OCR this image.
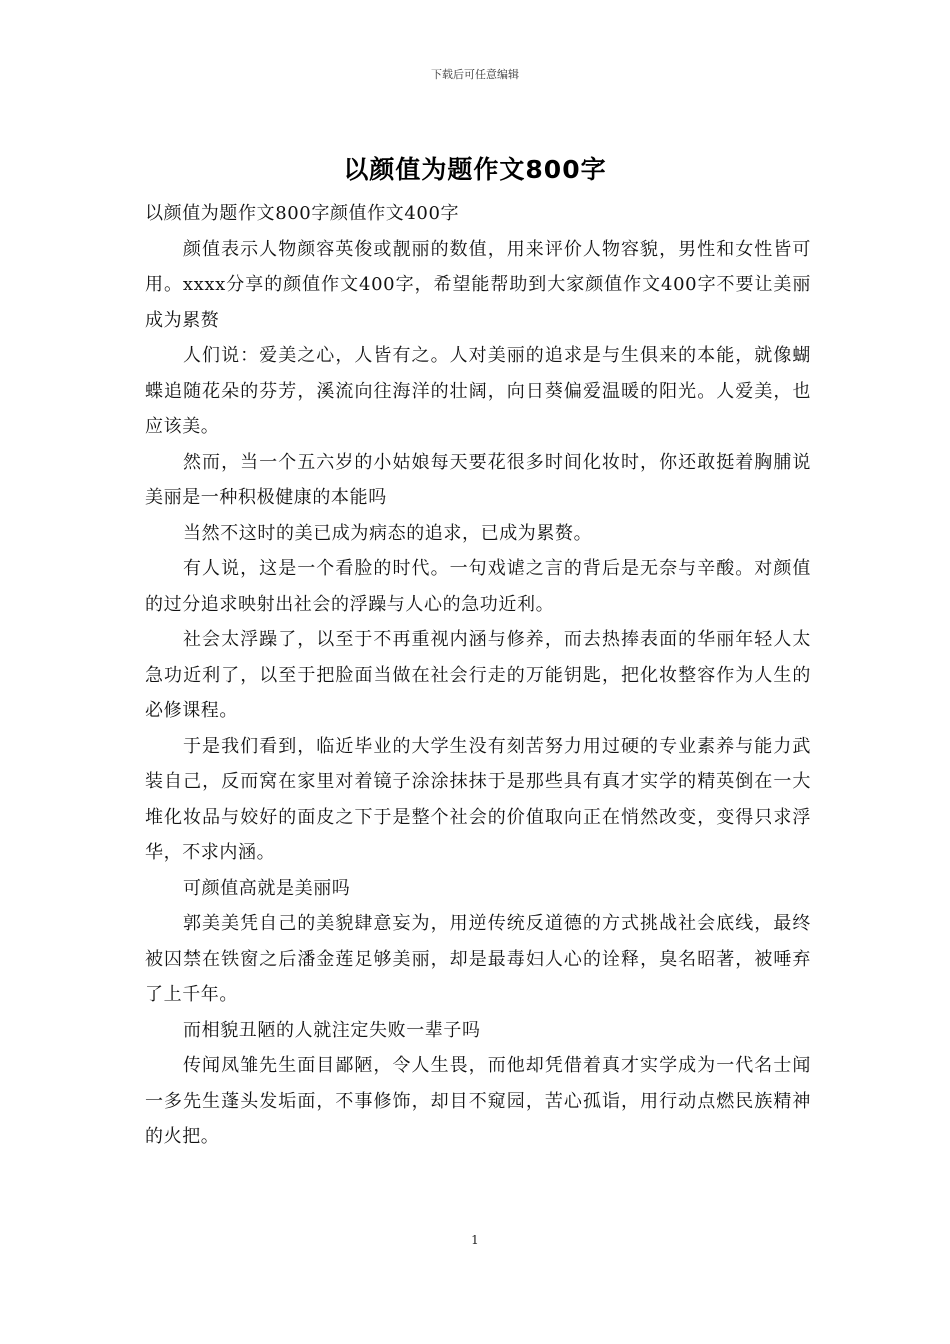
下载后可任意编辑
以颜值为题作文800字

以颜值为题作文800字颜值作文400字

颜值表示人物颜容英俊或靓丽的数值，用来评价人物容貌，男性和女性皆可用。xxxx分享的颜值作文400字，希望能帮助到大家颜值作文400字不要让美丽成为累赘

人们说：爱美之心，人皆有之。人对美丽的追求是与生俱来的本能，就像蝴蝶追随花朵的芬芳，溪流向往海洋的壮阔，向日葵偏爱温暖的阳光。人爱美，也应该美。

然而，当一个五六岁的小姑娘每天要花很多时间化妆时，你还敢挺着胸脯说美丽是一种积极健康的本能吗

当然不这时的美已成为病态的追求，已成为累赘。

有人说，这是一个看脸的时代。一句戏谑之言的背后是无奈与辛酸。对颜值的过分追求映射出社会的浮躁与人心的急功近利。

社会太浮躁了，以至于不再重视内涵与修养，而去热捧表面的华丽年轻人太急功近利了，以至于把脸面当做在社会行走的万能钥匙，把化妆整容作为人生的必修课程。

于是我们看到，临近毕业的大学生没有刻苦努力用过硬的专业素养与能力武装自己，反而窝在家里对着镜子涂涂抹抹于是那些具有真才实学的精英倒在一大堆化妆品与姣好的面皮之下于是整个社会的价值取向正在悄然改变，变得只求浮华，不求内涵。

可颜值高就是美丽吗

郭美美凭自己的美貌肆意妄为，用逆传统反道德的方式挑战社会底线，最终被囚禁在铁窗之后潘金莲足够美丽，却是最毒妇人心的诠释，臭名昭著，被唾弃了上千年。

而相貌丑陋的人就注定失败一辈子吗

传闻凤雏先生面目鄙陋，令人生畏，而他却凭借着真才实学成为一代名士闻一多先生蓬头发垢面，不事修饰，却目不窥园，苦心孤诣，用行动点燃民族精神的火把。

1
